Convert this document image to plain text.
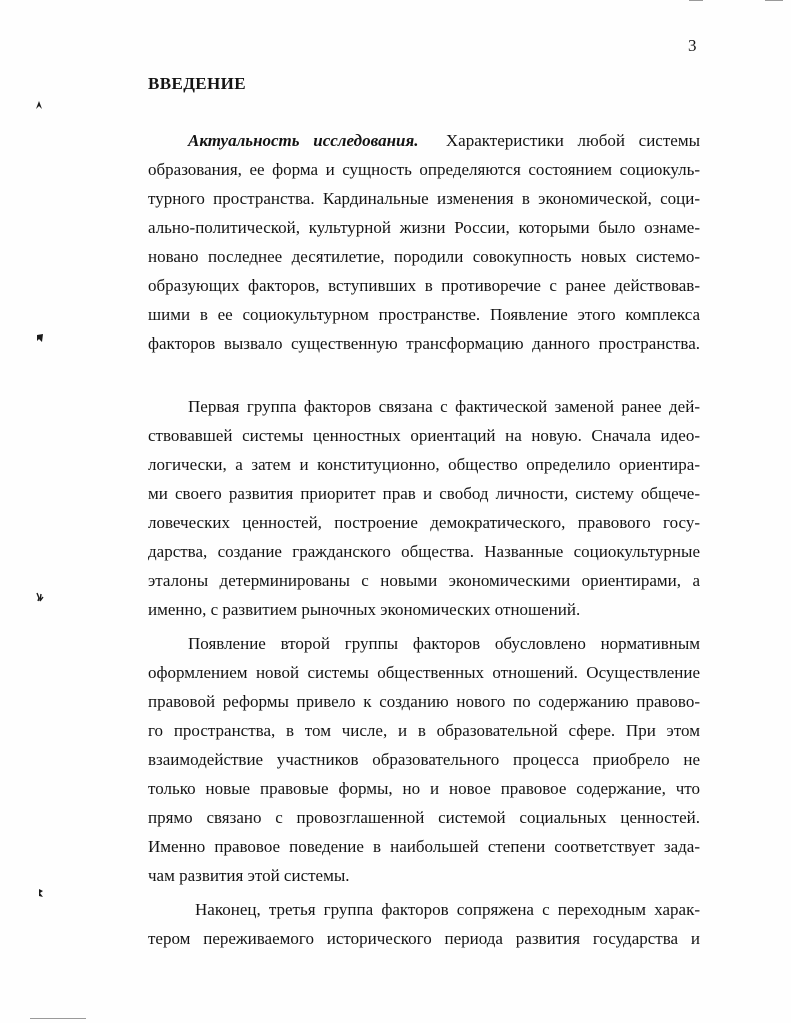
3
ВВЕДЕНИЕ
Актуальность исследования. Характеристики любой системы
образования, ее форма и сущность определяются состоянием социокуль-
турного пространства. Кардинальные изменения в экономической, соци-
ально-политической, культурной жизни России, которыми было ознаме-
новано последнее десятилетие, породили совокупность новых системо-
образующих факторов, вступивших в противоречие с ранее действовав-
шими в ее социокультурном пространстве. Появление этого комплекса
факторов вызвало существенную трансформацию данного пространства.
Первая группа факторов связана с фактической заменой ранее дей-
ствовавшей системы ценностных ориентаций на новую. Сначала идео-
логически, а затем и конституционно, общество определило ориентира-
ми своего развития приоритет прав и свобод личности, систему общече-
ловеческих ценностей, построение демократического, правового госу-
дарства, создание гражданского общества. Названные социокультурные
эталоны детерминированы с новыми экономическими ориентирами, а
именно, с развитием рыночных экономических отношений.
Появление второй группы факторов обусловлено нормативным
оформлением новой системы общественных отношений. Осуществление
правовой реформы привело к созданию нового по содержанию правово-
го пространства, в том числе, и в образовательной сфере. При этом
взаимодействие участников образовательного процесса приобрело не
только новые правовые формы, но и новое правовое содержание, что
прямо связано с провозглашенной системой социальных ценностей.
Именно правовое поведение в наибольшей степени соответствует зада-
чам развития этой системы.
Наконец, третья группа факторов сопряжена с переходным харак-
тером переживаемого исторического периода развития государства и
